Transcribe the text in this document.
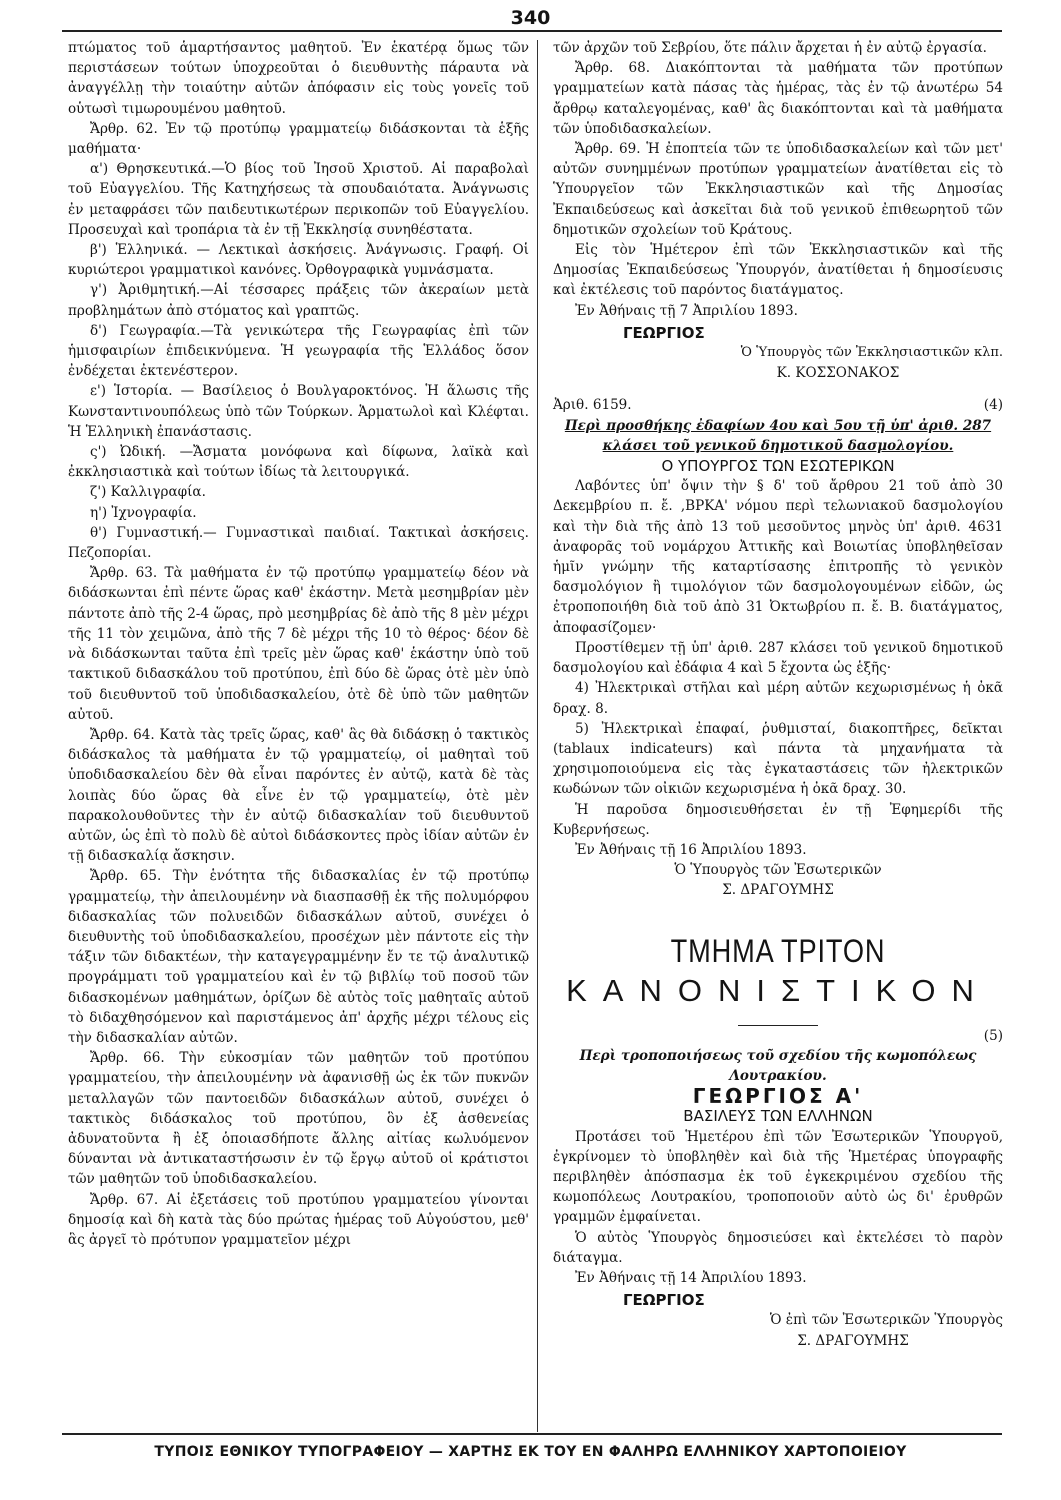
340

πτώματος τοῦ ἁμαρτήσαντος μαθητοῦ. Ἐν ἑκατέρᾳ ὅμως τῶν περιστάσεων τούτων ὑποχρεοῦται ὁ διευθυντὴς πάραυτα νὰ ἀναγγέλλῃ τὴν τοιαύτην αὐτῶν ἀπόφασιν εἰς τοὺς γονεῖς τοῦ οὑτωσὶ τιμωρουμένου μαθητοῦ.

Ἄρθρ. 62. Ἐν τῷ προτύπῳ γραμματείῳ διδάσκονται τὰ ἑξῆς μαθήματα·

α') Θρησκευτικά.—Ὁ βίος τοῦ Ἰησοῦ Χριστοῦ. Αἱ παραβολαὶ τοῦ Εὐαγγελίου. Τῆς Κατηχήσεως τὰ σπουδαιότατα. Ἀνάγνωσις ἐν μεταφράσει τῶν παιδευτικωτέρων περικοπῶν τοῦ Εὐαγγελίου. Προσευχαὶ καὶ τροπάρια τὰ ἐν τῇ Ἐκκλησίᾳ συνηθέστατα.

β') Ἑλληνικά. — Λεκτικαὶ ἀσκήσεις. Ἀνάγνωσις. Γραφή. Οἱ κυριώτεροι γραμματικοὶ κανόνες. Ὀρθογραφικὰ γυμνάσματα.

γ') Ἀριθμητική.—Αἱ τέσσαρες πράξεις τῶν ἀκεραίων μετὰ προβλημάτων ἀπὸ στόματος καὶ γραπτῶς.

δ') Γεωγραφία.—Τὰ γενικώτερα τῆς Γεωγραφίας ἐπὶ τῶν ἡμισφαιρίων ἐπιδεικνύμενα. Ἡ γεωγραφία τῆς Ἑλλάδος ὅσον ἐνδέχεται ἐκτενέστερον.

ε') Ἱστορία. — Βασίλειος ὁ Βουλγαροκτόνος. Ἡ ἅλωσις τῆς Κωνσταντινουπόλεως ὑπὸ τῶν Τούρκων. Ἁρματωλοὶ καὶ Κλέφται. Ἡ Ἑλληνικὴ ἐπανάστασις.

ς') Ὠδική. —Ἄσματα μονόφωνα καὶ δίφωνα, λαϊκὰ καὶ ἐκκλησιαστικὰ καὶ τούτων ἰδίως τὰ λειτουργικά.

ζ') Καλλιγραφία.

η') Ἰχνογραφία.

θ') Γυμναστική.— Γυμναστικαὶ παιδιαί. Τακτικαὶ ἀσκήσεις. Πεζοπορίαι.

Ἄρθρ. 63. Τὰ μαθήματα ἐν τῷ προτύπῳ γραμματείῳ δέον νὰ διδάσκωνται ἐπὶ πέντε ὥρας καθ' ἑκάστην. Μετὰ μεσημβρίαν μὲν πάντοτε ἀπὸ τῆς 2-4 ὥρας, πρὸ μεσημβρίας δὲ ἀπὸ τῆς 8 μὲν μέχρι τῆς 11 τὸν χειμῶνα, ἀπὸ τῆς 7 δὲ μέχρι τῆς 10 τὸ θέρος· δέον δὲ νὰ διδάσκωνται ταῦτα ἐπὶ τρεῖς μὲν ὥρας καθ' ἑκάστην ὑπὸ τοῦ τακτικοῦ διδασκάλου τοῦ προτύπου, ἐπὶ δύο δὲ ὥρας ὁτὲ μὲν ὑπὸ τοῦ διευθυντοῦ τοῦ ὑποδιδασκαλείου, ὁτὲ δὲ ὑπὸ τῶν μαθητῶν αὐτοῦ.

Ἄρθρ. 64. Κατὰ τὰς τρεῖς ὥρας, καθ' ἃς θὰ διδάσκῃ ὁ τακτικὸς διδάσκαλος τὰ μαθήματα ἐν τῷ γραμματείῳ, οἱ μαθηταὶ τοῦ ὑποδιδασκαλείου δὲν θὰ εἶναι παρόντες ἐν αὐτῷ, κατὰ δὲ τὰς λοιπὰς δύο ὥρας θὰ εἶνε ἐν τῷ γραμματείῳ, ὁτὲ μὲν παρακολουθοῦντες τὴν ἐν αὐτῷ διδασκαλίαν τοῦ διευθυντοῦ αὐτῶν, ὡς ἐπὶ τὸ πολὺ δὲ αὐτοὶ διδάσκοντες πρὸς ἰδίαν αὐτῶν ἐν τῇ διδασκαλίᾳ ἄσκησιν.

Ἄρθρ. 65. Τὴν ἑνότητα τῆς διδασκαλίας ἐν τῷ προτύπῳ γραμματείῳ, τὴν ἀπειλουμένην νὰ διασπασθῇ ἐκ τῆς πολυμόρφου διδασκαλίας τῶν πολυειδῶν διδασκάλων αὐτοῦ, συνέχει ὁ διευθυντὴς τοῦ ὑποδιδασκαλείου, προσέχων μὲν πάντοτε εἰς τὴν τάξιν τῶν διδακτέων, τὴν καταγεγραμμένην ἔν τε τῷ ἀναλυτικῷ προγράμματι τοῦ γραμματείου καὶ ἐν τῷ βιβλίῳ τοῦ ποσοῦ τῶν διδασκομένων μαθημάτων, ὁρίζων δὲ αὐτὸς τοῖς μαθηταῖς αὐτοῦ τὸ διδαχθησόμενον καὶ παριστάμενος ἀπ' ἀρχῆς μέχρι τέλους εἰς τὴν διδασκαλίαν αὐτῶν.

Ἄρθρ. 66. Τὴν εὐκοσμίαν τῶν μαθητῶν τοῦ προτύπου γραμματείου, τὴν ἀπειλουμένην νὰ ἀφανισθῇ ὡς ἐκ τῶν πυκνῶν μεταλλαγῶν τῶν παντοειδῶν διδασκάλων αὐτοῦ, συνέχει ὁ τακτικὸς διδάσκαλος τοῦ προτύπου, ὃν ἐξ ἀσθενείας ἀδυνατοῦντα ἢ ἐξ ὁποιασδήποτε ἄλλης αἰτίας κωλυόμενον δύνανται νὰ ἀντικαταστήσωσιν ἐν τῷ ἔργῳ αὐτοῦ οἱ κράτιστοι τῶν μαθητῶν τοῦ ὑποδιδασκαλείου.

Ἄρθρ. 67. Αἱ ἐξετάσεις τοῦ προτύπου γραμματείου γίνονται δημοσίᾳ καὶ δὴ κατὰ τὰς δύο πρώτας ἡμέρας τοῦ Αὐγούστου, μεθ' ἃς ἀργεῖ τὸ πρότυπον γραμματεῖον μέχρι

τῶν ἀρχῶν τοῦ Σεβρίου, ὅτε πάλιν ἄρχεται ἡ ἐν αὐτῷ ἐργασία.

Ἄρθρ. 68. Διακόπτονται τὰ μαθήματα τῶν προτύπων γραμματείων κατὰ πάσας τὰς ἡμέρας, τὰς ἐν τῷ ἀνωτέρω 54 ἄρθρῳ καταλεγομένας, καθ' ἃς διακόπτονται καὶ τὰ μαθήματα τῶν ὑποδιδασκαλείων.

Ἄρθρ. 69. Ἡ ἐποπτεία τῶν τε ὑποδιδασκαλείων καὶ τῶν μετ' αὐτῶν συνημμένων προτύπων γραμματείων ἀνατίθεται εἰς τὸ Ὑπουργεῖον τῶν Ἐκκλησιαστικῶν καὶ τῆς Δημοσίας Ἐκπαιδεύσεως καὶ ἀσκεῖται διὰ τοῦ γενικοῦ ἐπιθεωρητοῦ τῶν δημοτικῶν σχολείων τοῦ Κράτους.

Εἰς τὸν Ἡμέτερον ἐπὶ τῶν Ἐκκλησιαστικῶν καὶ τῆς Δημοσίας Ἐκπαιδεύσεως Ὑπουργόν, ἀνατίθεται ἡ δημοσίευσις καὶ ἐκτέλεσις τοῦ παρόντος διατάγματος.

Ἐν Ἀθήναις τῇ 7 Ἀπριλίου 1893.

ΓΕΩΡΓΙΟΣ

Ὁ Ὑπουργὸς τῶν Ἐκκλησιαστικῶν κλπ.

Κ. ΚΟΣΣΟΝΑΚΟΣ

Ἀριθ. 6159.	(4)

Περὶ προσθήκης ἐδαφίων 4ου καὶ 5ου τῇ ὑπ' ἀριθ. 287 κλάσει τοῦ γενικοῦ δημοτικοῦ δασμολογίου.

Ο ΥΠΟΥΡΓΟΣ ΤΩΝ ΕΣΩΤΕΡΙΚΩΝ

Λαβόντες ὑπ' ὄψιν τὴν § δ' τοῦ ἄρθρου 21 τοῦ ἀπὸ 30 Δεκεμβρίου π. ἔ. ,ΒΡΚΑ' νόμου περὶ τελωνιακοῦ δασμολογίου καὶ τὴν διὰ τῆς ἀπὸ 13 τοῦ μεσοῦντος μηνὸς ὑπ' ἀριθ. 4631 ἀναφορᾶς τοῦ νομάρχου Ἀττικῆς καὶ Βοιωτίας ὑποβληθεῖσαν ἡμῖν γνώμην τῆς καταρτίσασης ἐπιτροπῆς τὸ γενικὸν δασμολόγιον ἢ τιμολόγιον τῶν δασμολογουμένων εἰδῶν, ὡς ἐτροποποιήθη διὰ τοῦ ἀπὸ 31 Ὀκτωβρίου π. ἔ. Β. διατάγματος, ἀποφασίζομεν·

Προστίθεμεν τῇ ὑπ' ἀριθ. 287 κλάσει τοῦ γενικοῦ δημοτικοῦ δασμολογίου καὶ ἐδάφια 4 καὶ 5 ἔχοντα ὡς ἑξῆς·

4) Ἠλεκτρικαὶ στῆλαι καὶ μέρη αὐτῶν κεχωρισμένως ἡ ὀκᾶ δραχ. 8.

5) Ἠλεκτρικαὶ ἐπαφαί, ῥυθμισταί, διακοπτῆρες, δεῖκται (tablaux indicateurs) καὶ πάντα τὰ μηχανήματα τὰ χρησιμοποιούμενα εἰς τὰς ἐγκαταστάσεις τῶν ἠλεκτρικῶν κωδώνων τῶν οἰκιῶν κεχωρισμένα ἡ ὀκᾶ δραχ. 30.

Ἡ παροῦσα δημοσιευθήσεται ἐν τῇ Ἐφημερίδι τῆς Κυβερνήσεως.

Ἐν Ἀθήναις τῇ 16 Ἀπριλίου 1893.

Ὁ Ὑπουργὸς τῶν Ἐσωτερικῶν

Σ. ΔΡΑΓΟΥΜΗΣ

ΤΜΗΜΑ ΤΡΙΤΟΝ

ΚΑΝΟΝΙΣΤΙΚΟΝ

(5)

Περὶ τροποποιήσεως τοῦ σχεδίου τῆς κωμοπόλεως Λουτρακίου.

ΓΕΩΡΓΙΟΣ Α'

ΒΑΣΙΛΕΥΣ ΤΩΝ ΕΛΛΗΝΩΝ

Προτάσει τοῦ Ἡμετέρου ἐπὶ τῶν Ἐσωτερικῶν Ὑπουργοῦ, ἐγκρίνομεν τὸ ὑποβληθὲν καὶ διὰ τῆς Ἡμετέρας ὑπογραφῆς περιβληθὲν ἀπόσπασμα ἐκ τοῦ ἐγκεκριμένου σχεδίου τῆς κωμοπόλεως Λουτρακίου, τροποποιοῦν αὐτὸ ὡς δι' ἐρυθρῶν γραμμῶν ἐμφαίνεται.

Ὁ αὐτὸς Ὑπουργὸς δημοσιεύσει καὶ ἐκτελέσει τὸ παρὸν διάταγμα.

Ἐν Ἀθήναις τῇ 14 Ἀπριλίου 1893.

ΓΕΩΡΓΙΟΣ

Ὁ ἐπὶ τῶν Ἐσωτερικῶν Ὑπουργὸς

Σ. ΔΡΑΓΟΥΜΗΣ

ΤΥΠΟΙΣ ΕΘΝΙΚΟΥ ΤΥΠΟΓΡΑΦΕΙΟΥ — ΧΑΡΤΗΣ ΕΚ ΤΟΥ ΕΝ ΦΑΛΗΡΩ ΕΛΛΗΝΙΚΟΥ ΧΑΡΤΟΠΟΙΕΙΟΥ
